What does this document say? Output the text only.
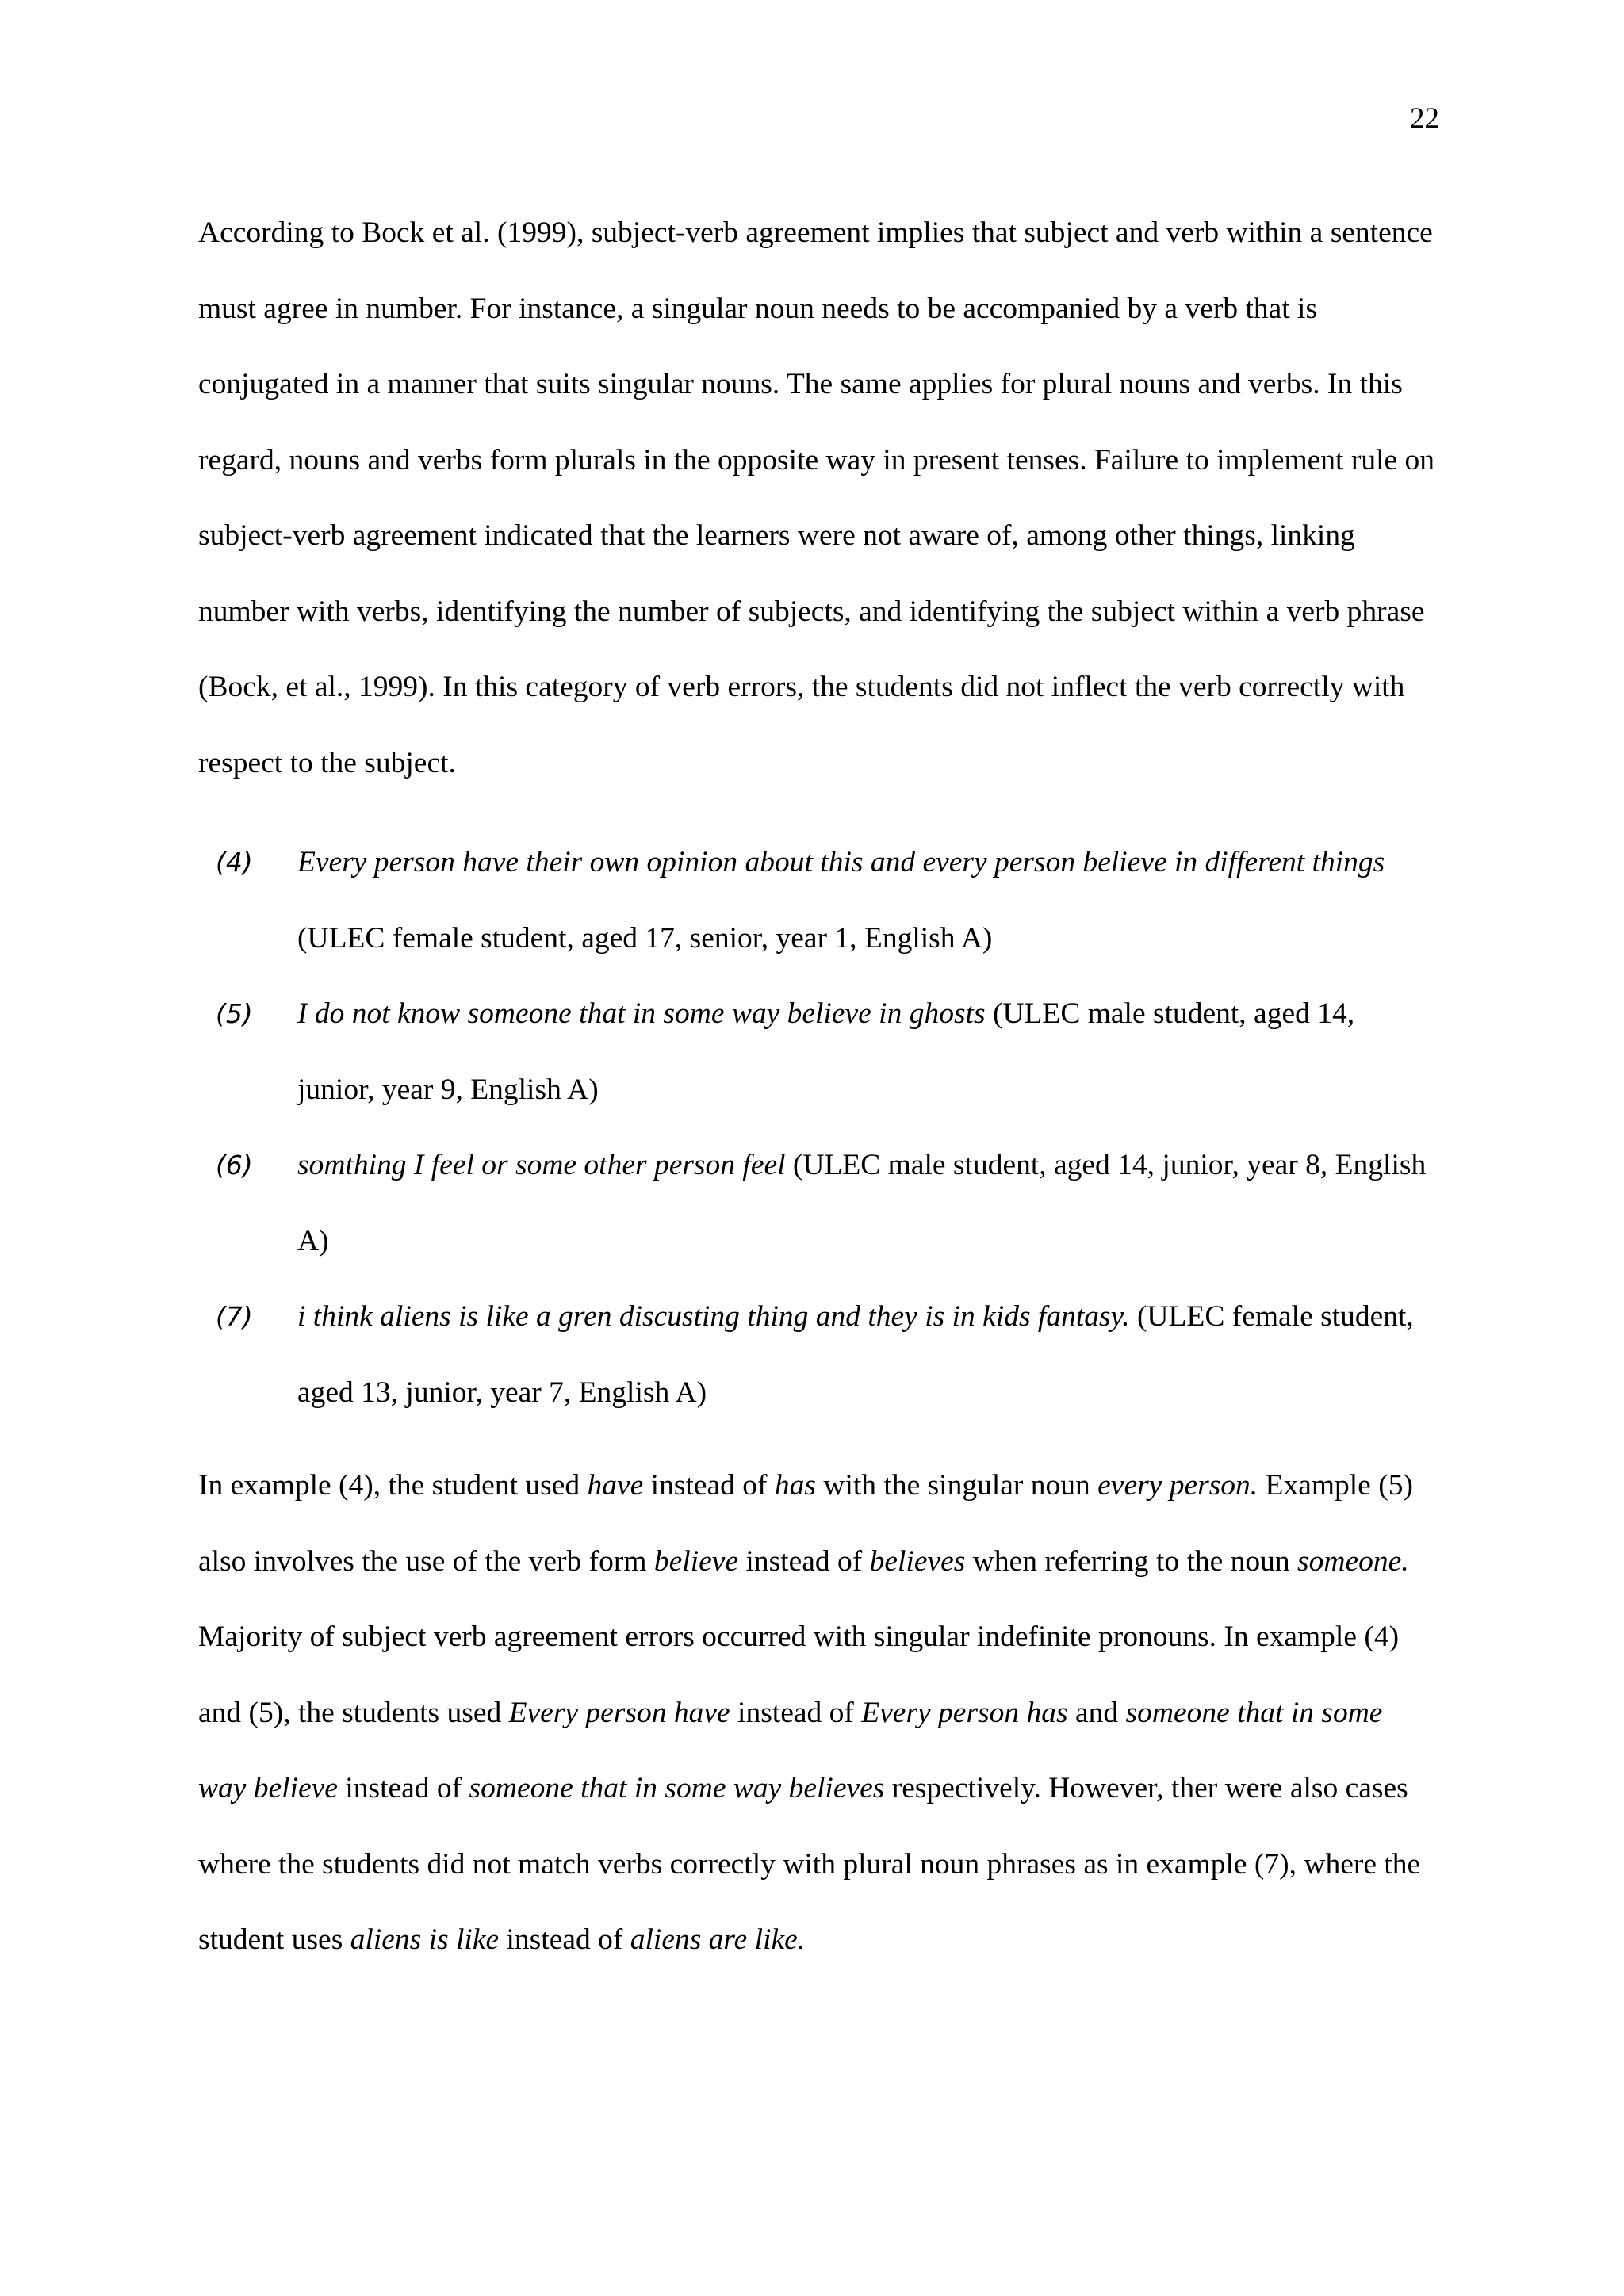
22

According to Bock et al. (1999), subject-verb agreement implies that subject and verb within a sentence must agree in number. For instance, a singular noun needs to be accompanied by a verb that is conjugated in a manner that suits singular nouns. The same applies for plural nouns and verbs. In this regard, nouns and verbs form plurals in the opposite way in present tenses. Failure to implement rule on subject-verb agreement indicated that the learners were not aware of, among other things, linking number with verbs, identifying the number of subjects, and identifying the subject within a verb phrase (Bock, et al., 1999). In this category of verb errors, the students did not inflect the verb correctly with respect to the subject.

(4) Every person have their own opinion about this and every person believe in different things (ULEC female student, aged 17, senior, year 1, English A)
(5) I do not know someone that in some way believe in ghosts (ULEC male student, aged 14, junior, year 9, English A)
(6) somthing I feel or some other person feel (ULEC male student, aged 14, junior, year 8, English A)
(7) i think aliens is like a gren discusting thing and they is in kids fantasy. (ULEC female student, aged 13, junior, year 7, English A)

In example (4), the student used have instead of has with the singular noun every person. Example (5) also involves the use of the verb form believe instead of believes when referring to the noun someone. Majority of subject verb agreement errors occurred with singular indefinite pronouns. In example (4) and (5), the students used Every person have instead of Every person has and someone that in some way believe instead of someone that in some way believes respectively. However, ther were also cases where the students did not match verbs correctly with plural noun phrases as in example (7), where the student uses aliens is like instead of aliens are like.
